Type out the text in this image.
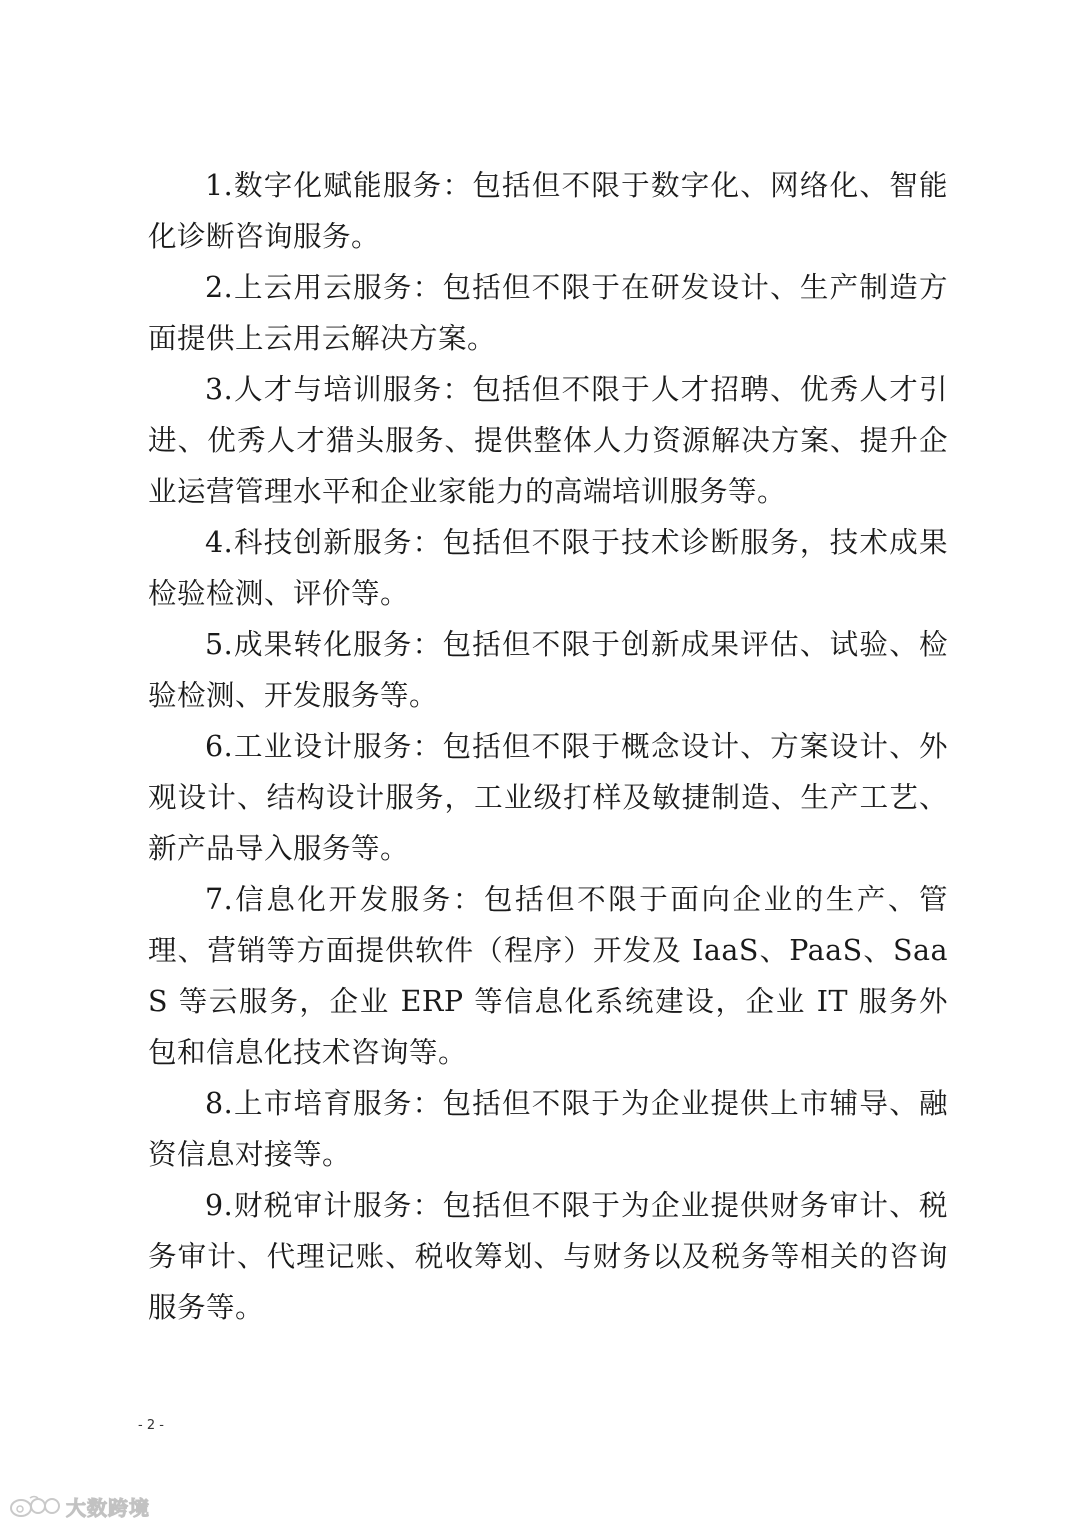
1.数字化赋能服务：包括但不限于数字化、网络化、智能化诊断咨询服务。

2.上云用云服务：包括但不限于在研发设计、生产制造方面提供上云用云解决方案。

3.人才与培训服务：包括但不限于人才招聘、优秀人才引进、优秀人才猎头服务、提供整体人力资源解决方案、提升企业运营管理水平和企业家能力的高端培训服务等。

4.科技创新服务：包括但不限于技术诊断服务，技术成果检验检测、评价等。

5.成果转化服务：包括但不限于创新成果评估、试验、检验检测、开发服务等。

6.工业设计服务：包括但不限于概念设计、方案设计、外观设计、结构设计服务，工业级打样及敏捷制造、生产工艺、新产品导入服务等。

7.信息化开发服务：包括但不限于面向企业的生产、管理、营销等方面提供软件（程序）开发及 IaaS、PaaS、SaaS 等云服务，企业 ERP 等信息化系统建设，企业 IT 服务外包和信息化技术咨询等。

8.上市培育服务：包括但不限于为企业提供上市辅导、融资信息对接等。

9.财税审计服务：包括但不限于为企业提供财务审计、税务审计、代理记账、税收筹划、与财务以及税务等相关的咨询服务等。

- 2 -
大数跨境
